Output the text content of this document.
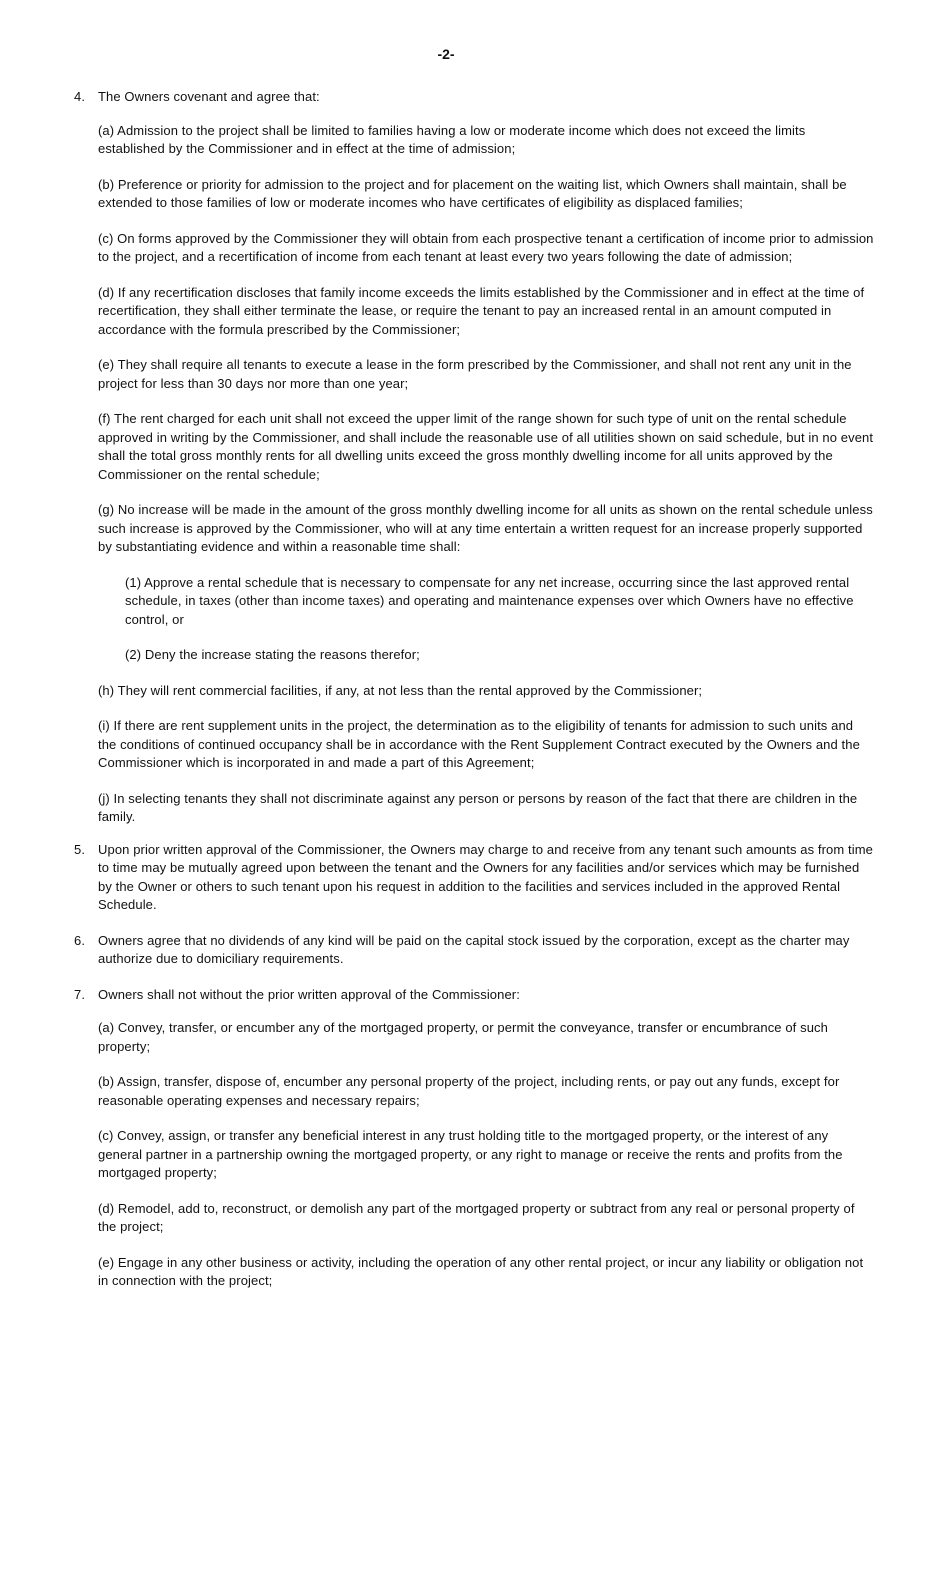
-2-
4. The Owners covenant and agree that:
(a) Admission to the project shall be limited to families having a low or moderate income which does not exceed the limits established by the Commissioner and in effect at the time of admission;
(b) Preference or priority for admission to the project and for placement on the waiting list, which Owners shall maintain, shall be extended to those families of low or moderate incomes who have certificates of eligibility as displaced families;
(c) On forms approved by the Commissioner they will obtain from each prospective tenant a certification of income prior to admission to the project, and a recertification of income from each tenant at least every two years following the date of admission;
(d) If any recertification discloses that family income exceeds the limits established by the Commissioner and in effect at the time of recertification, they shall either terminate the lease, or require the tenant to pay an increased rental in an amount computed in accordance with the formula prescribed by the Commissioner;
(e) They shall require all tenants to execute a lease in the form prescribed by the Commissioner, and shall not rent any unit in the project for less than 30 days nor more than one year;
(f) The rent charged for each unit shall not exceed the upper limit of the range shown for such type of unit on the rental schedule approved in writing by the Commissioner, and shall include the reasonable use of all utilities shown on said schedule, but in no event shall the total gross monthly rents for all dwelling units exceed the gross monthly dwelling income for all units approved by the Commissioner on the rental schedule;
(g) No increase will be made in the amount of the gross monthly dwelling income for all units as shown on the rental schedule unless such increase is approved by the Commissioner, who will at any time entertain a written request for an increase properly supported by substantiating evidence and within a reasonable time shall:
(1) Approve a rental schedule that is necessary to compensate for any net increase, occurring since the last approved rental schedule, in taxes (other than income taxes) and operating and maintenance expenses over which Owners have no effective control, or
(2) Deny the increase stating the reasons therefor;
(h) They will rent commercial facilities, if any, at not less than the rental approved by the Commissioner;
(i) If there are rent supplement units in the project, the determination as to the eligibility of tenants for admission to such units and the conditions of continued occupancy shall be in accordance with the Rent Supplement Contract executed by the Owners and the Commissioner which is incorporated in and made a part of this Agreement;
(j) In selecting tenants they shall not discriminate against any person or persons by reason of the fact that there are children in the family.
5. Upon prior written approval of the Commissioner, the Owners may charge to and receive from any tenant such amounts as from time to time may be mutually agreed upon between the tenant and the Owners for any facilities and/or services which may be furnished by the Owner or others to such tenant upon his request in addition to the facilities and services included in the approved Rental Schedule.
6. Owners agree that no dividends of any kind will be paid on the capital stock issued by the corporation, except as the charter may authorize due to domiciliary requirements.
7. Owners shall not without the prior written approval of the Commissioner:
(a) Convey, transfer, or encumber any of the mortgaged property, or permit the conveyance, transfer or encumbrance of such property;
(b) Assign, transfer, dispose of, encumber any personal property of the project, including rents, or pay out any funds, except for reasonable operating expenses and necessary repairs;
(c) Convey, assign, or transfer any beneficial interest in any trust holding title to the mortgaged property, or the interest of any general partner in a partnership owning the mortgaged property, or any right to manage or receive the rents and profits from the mortgaged property;
(d) Remodel, add to, reconstruct, or demolish any part of the mortgaged property or subtract from any real or personal property of the project;
(e) Engage in any other business or activity, including the operation of any other rental project, or incur any liability or obligation not in connection with the project;
